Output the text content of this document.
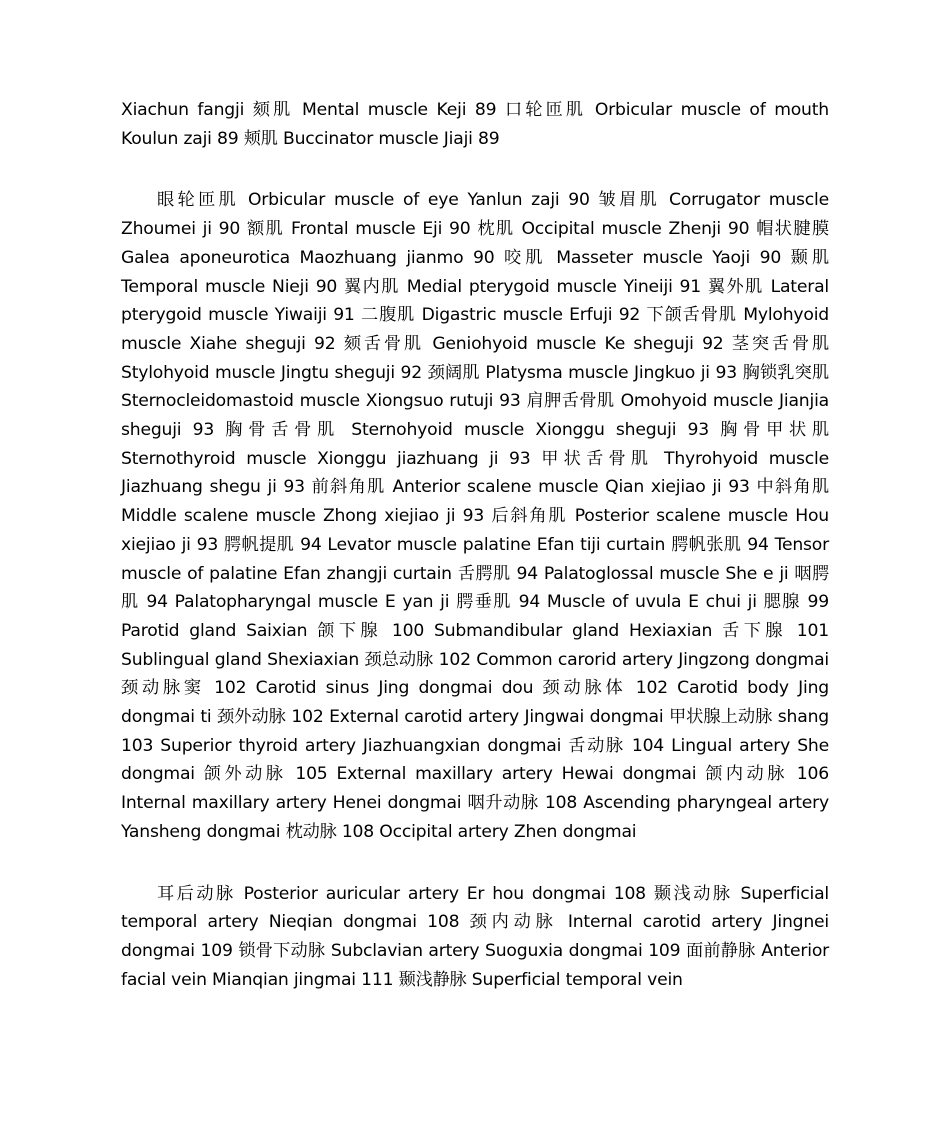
Xiachun fangji 颏肌 Mental muscle Keji 89 口轮匝肌 Orbicular muscle of mouth Koulun zaji 89 颊肌 Buccinator muscle Jiaji 89

眼轮匝肌 Orbicular muscle of eye Yanlun zaji 90 皱眉肌 Corrugator muscle Zhoumei ji 90 额肌 Frontal muscle Eji 90 枕肌 Occipital muscle Zhenji 90 帽状腱膜 Galea aponeurotica Maozhuang jianmo 90 咬肌 Masseter muscle Yaoji 90 颞肌 Temporal muscle Nieji 90 翼内肌 Medial pterygoid muscle Yineiji 91 翼外肌 Lateral pterygoid muscle Yiwaiji 91 二腹肌 Digastric muscle Erfuji 92 下颌舌骨肌 Mylohyoid muscle Xiahe sheguji 92 颏舌骨肌 Geniohyoid muscle Ke sheguji 92 茎突舌骨肌 Stylohyoid muscle Jingtu sheguji 92 颈阔肌 Platysma muscle Jingkuo ji 93 胸锁乳突肌 Sternocleidomastoid muscle Xiongsuo rutuji 93 肩胛舌骨肌 Omohyoid muscle Jianjia sheguji 93 胸骨舌骨肌 Sternohyoid muscle Xionggu sheguji 93 胸骨甲状肌 Sternothyroid muscle Xionggu jiazhuang ji 93 甲状舌骨肌 Thyrohyoid muscle Jiazhuang shegu ji 93 前斜角肌 Anterior scalene muscle Qian xiejiao ji 93 中斜角肌 Middle scalene muscle Zhong xiejiao ji 93 后斜角肌 Posterior scalene muscle Hou xiejiao ji 93 腭帆提肌 94 Levator muscle palatine Efan tiji curtain 腭帆张肌 94 Tensor muscle of palatine Efan zhangji curtain 舌腭肌 94 Palatoglossal muscle She e ji 咽腭肌 94 Palatopharyngal muscle E yan ji 腭垂肌 94 Muscle of uvula E chui ji 腮腺 99 Parotid gland Saixian 颌下腺 100 Submandibular gland Hexiaxian 舌下腺 101 Sublingual gland Shexiaxian 颈总动脉 102 Common carorid artery Jingzong dongmai 颈动脉窦 102 Carotid sinus Jing dongmai dou 颈动脉体 102 Carotid body Jing dongmai ti 颈外动脉 102 External carotid artery Jingwai dongmai 甲状腺上动脉 shang 103 Superior thyroid artery Jiazhuangxian dongmai 舌动脉 104 Lingual artery She dongmai 颌外动脉 105 External maxillary artery Hewai dongmai 颌内动脉 106 Internal maxillary artery Henei dongmai 咽升动脉 108 Ascending pharyngeal artery Yansheng dongmai 枕动脉 108 Occipital artery Zhen dongmai

耳后动脉 Posterior auricular artery Er hou dongmai 108 颞浅动脉 Superficial temporal artery Nieqian dongmai 108 颈内动脉 Internal carotid artery Jingnei dongmai 109 锁骨下动脉 Subclavian artery Suoguxia dongmai 109 面前静脉 Anterior facial vein Mianqian jingmai 111 颞浅静脉 Superficial temporal vein
